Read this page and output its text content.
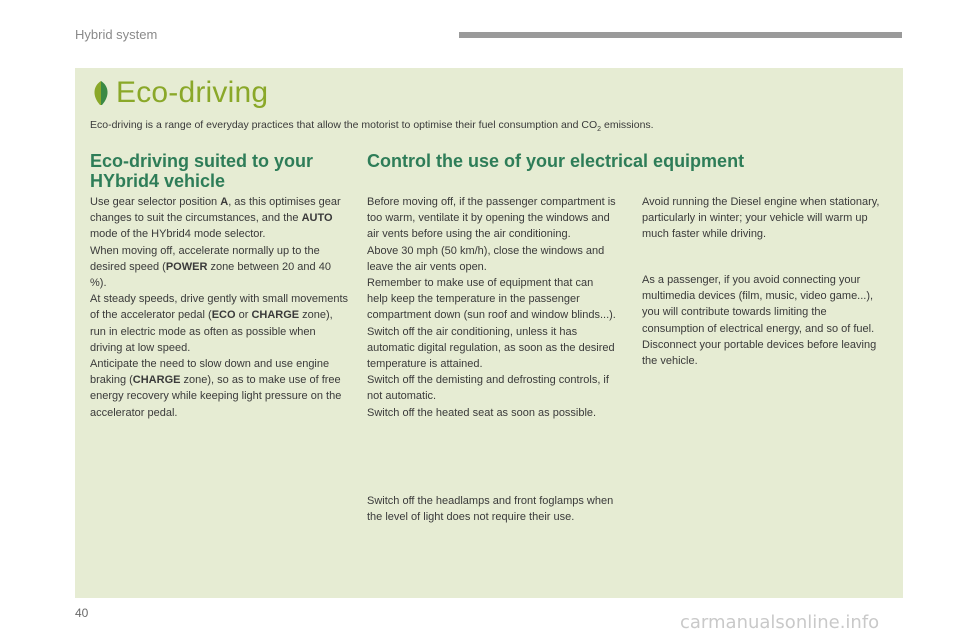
Hybrid system
Eco-driving
Eco-driving is a range of everyday practices that allow the motorist to optimise their fuel consumption and $CO_2$ emissions.
Eco-driving suited to your HYbrid4 vehicle

Use gear selector position A, as this optimises gear changes to suit the circumstances, and the AUTO mode of the HYbrid4 mode selector.

When moving off, accelerate normally up to the desired speed (POWER zone between 20 and 40 %).

At steady speeds, drive gently with small movements of the accelerator pedal (ECO or CHARGE zone), run in electric mode as often as possible when driving at low speed.

Anticipate the need to slow down and use engine braking (CHARGE zone), so as to make use of free energy recovery while keeping light pressure on the accelerator pedal.

Control the use of your electrical equipment

Before moving off, if the passenger compartment is too warm, ventilate it by opening the windows and air vents before using the air conditioning.

Above 30 mph (50 km/h), close the windows and leave the air vents open.

Remember to make use of equipment that can help keep the temperature in the passenger compartment down (sun roof and window blinds...).

Switch off the air conditioning, unless it has automatic digital regulation, as soon as the desired temperature is attained.

Switch off the demisting and defrosting controls, if not automatic.

Switch off the heated seat as soon as possible.

Switch off the headlamps and front foglamps when the level of light does not require their use.

Avoid running the Diesel engine when stationary, particularly in winter; your vehicle will warm up much faster while driving.

As a passenger, if you avoid connecting your multimedia devices (film, music, video game...), you will contribute towards limiting the consumption of electrical energy, and so of fuel.

Disconnect your portable devices before leaving the vehicle.

40	carmanualsonline.info
